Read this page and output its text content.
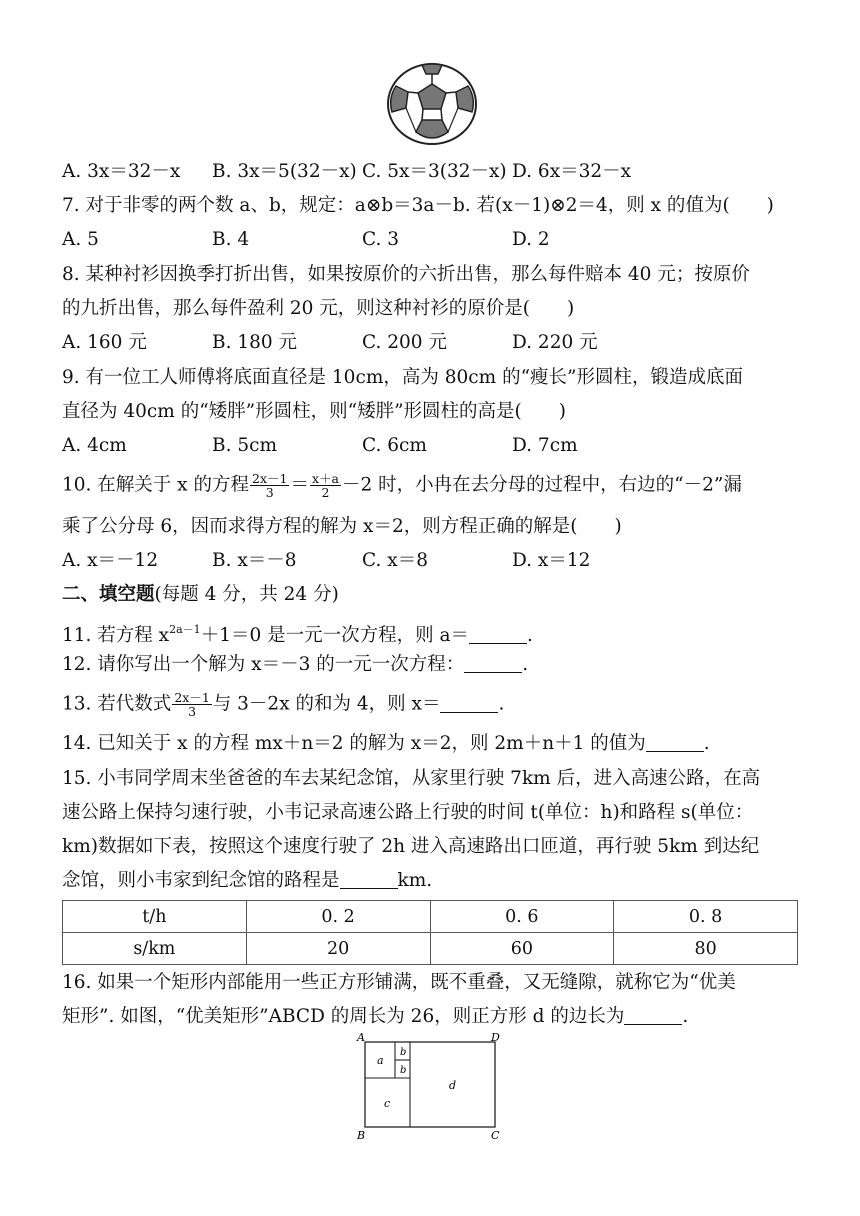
A. 3x＝32－x B. 3x＝5(32－x) C. 5x＝3(32－x) D. 6x＝32－x
7. 对于非零的两个数 a、b，规定：a⊗b＝3a－b. 若(x－1)⊗2＝4，则 x 的值为(　　)
A. 5	B. 4	C. 3	D. 2
8. 某种衬衫因换季打折出售，如果按原价的六折出售，那么每件赔本 40 元；按原价
的九折出售，那么每件盈利 20 元，则这种衬衫的原价是(　　)
A. 160 元	B. 180 元	C. 200 元	D. 220 元
9. 有一位工人师傅将底面直径是 10cm，高为 80cm 的“瘦长”形圆柱，锻造成底面
直径为 40cm 的“矮胖”形圆柱，则“矮胖”形圆柱的高是(　　)
A. 4cm	B. 5cm	C. 6cm	D. 7cm
10. 在解关于 x 的方程 $\frac{2x-1}{3} = \frac{x+a}{2} -2$ 时，小冉在去分母的过程中，右边的“－2”漏
乘了公分母 6，因而求得方程的解为 x＝2，则方程正确的解是(　　)
A. x＝－12	B. x＝－8	C. x＝8	D. x＝12
二、填空题(每题 4 分，共 24 分)
11. 若方程 $x^{2a-1}+1=0$ 是一元一次方程，则 a＝	.
12. 请你写出一个解为 x＝－3 的一元一次方程：	.
13. 若代数式 $\frac{2x-1}{3}$ 与 3－2x 的和为 4，则 x＝	.
14. 已知关于 x 的方程 mx＋n＝2 的解为 x＝2，则 2m＋n＋1 的值为	.
15. 小韦同学周末坐爸爸的车去某纪念馆，从家里行驶 7km 后，进入高速公路，在高
速公路上保持匀速行驶，小韦记录高速公路上行驶的时间 t(单位：h)和路程 s(单位：
km)数据如下表，按照这个速度行驶了 2h 进入高速路出口匝道，再行驶 5km 到达纪
念馆，则小韦家到纪念馆的路程是	km.
t/h	0. 2	0. 6	0. 8
s/km	20	60	80
16. 如果一个矩形内部能用一些正方形铺满，既不重叠，又无缝隙，就称它为“优美
矩形”. 如图，“优美矩形”ABCD 的周长为 26，则正方形 d 的边长为	.
a
b
b
c
d
A	D
B	C
